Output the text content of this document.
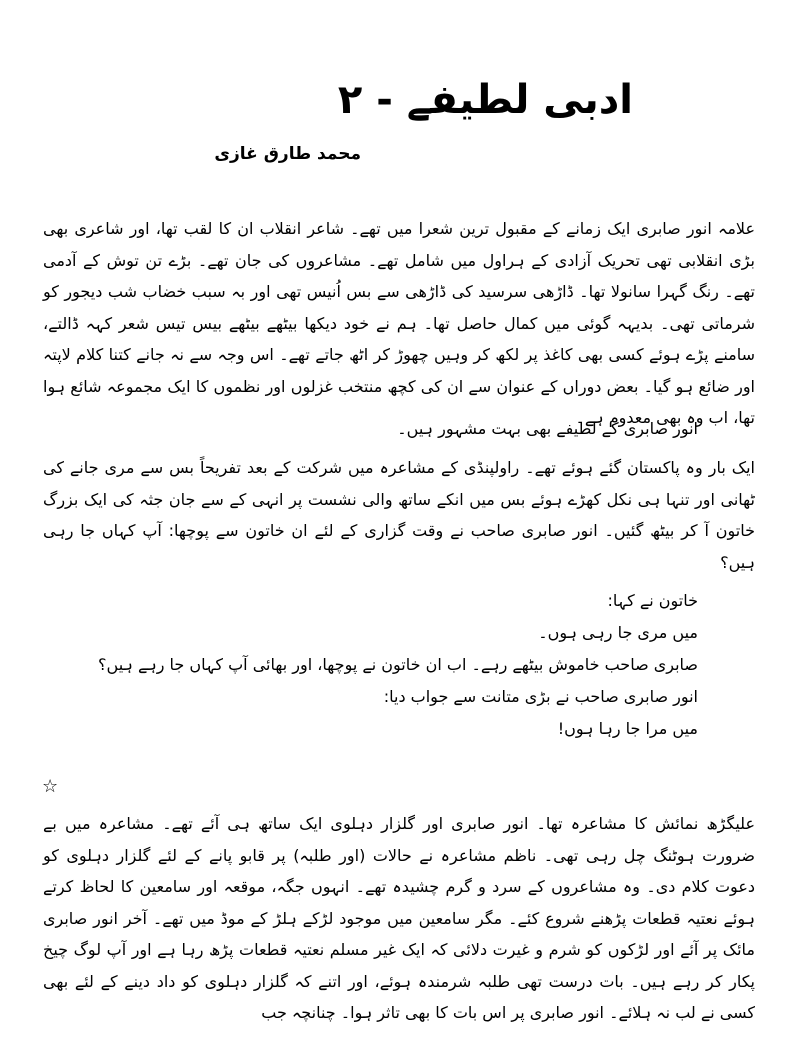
ادبی لطیفے - ۲
محمد طارق غازی

علامہ انور صابری ایک زمانے کے مقبول ترین شعرا میں تھے۔ شاعر انقلاب ان کا لقب تھا، اور شاعری بھی بڑی انقلابی تھی تحریک آزادی کے ہراول میں شامل تھے۔ مشاعروں کی جان تھے۔ بڑے تن توش کے آدمی تھے۔ رنگ گہرا سانولا تھا۔ ڈاڑھی سرسید کی ڈاڑھی سے بس اُنیس تھی اور بہ سبب خضاب شب دیجور کو شرماتی تھی۔ بدیہہ گوئی میں کمال حاصل تھا۔ ہم نے خود دیکھا بیٹھے بیٹھے بیس تیس شعر کہہ ڈالتے، سامنے پڑے ہوئے کسی بھی کاغذ پر لکھ کر وہیں چھوڑ کر اٹھ جاتے تھے۔ اس وجہ سے نہ جانے کتنا کلام لاپتہ اور ضائع ہو گیا۔ بعض دوراں کے عنوان سے ان کی کچھ منتخب غزلوں اور نظموں کا ایک مجموعہ شائع ہوا تھا، اب وہ بھی معدوم ہے۔

انور صابری کے لطیفے بھی بہت مشہور ہیں۔

ایک بار وہ پاکستان گئے ہوئے تھے۔ راولپنڈی کے مشاعرہ میں شرکت کے بعد تفریحاً بس سے مری جانے کی ٹھانی اور تنہا ہی نکل کھڑے ہوئے بس میں انکے ساتھ والی نشست پر انہی کے سے جان جثہ کی ایک بزرگ خاتون آ کر بیٹھ گئیں۔ انور صابری صاحب نے وقت گزاری کے لئے ان خاتون سے پوچھا: آپ کہاں جا رہی ہیں؟

خاتون نے کہا:
میں مری جا رہی ہوں۔
صابری صاحب خاموش بیٹھے رہے۔ اب ان خاتون نے پوچھا، اور بھائی آپ کہاں جا رہے ہیں؟
انور صابری صاحب نے بڑی متانت سے جواب دیا:
میں مرا جا رہا ہوں!
☆

علیگڑھ نمائش کا مشاعرہ تھا۔ انور صابری اور گلزار دہلوی ایک ساتھ ہی آئے تھے۔ مشاعرہ میں بے ضرورت ہوٹنگ چل رہی تھی۔ ناظم مشاعرہ نے حالات (اور طلبہ) پر قابو پانے کے لئے گلزار دہلوی کو دعوت کلام دی۔ وہ مشاعروں کے سرد و گرم چشیدہ تھے۔ انہوں جگہ، موقعہ اور سامعین کا لحاظ کرتے ہوئے نعتیہ قطعات پڑھنے شروع کئے۔ مگر سامعین میں موجود لڑکے ہلڑ کے موڈ میں تھے۔ آخر انور صابری مائک پر آئے اور لڑکوں کو شرم و غیرت دلائی کہ ایک غیر مسلم نعتیہ قطعات پڑھ رہا ہے اور آپ لوگ چیخ پکار کر رہے ہیں۔ بات درست تھی طلبہ شرمندہ ہوئے، اور اتنے کہ گلزار دہلوی کو داد دینے کے لئے بھی کسی نے لب نہ ہلائے۔ انور صابری پر اس بات کا بھی تاثر ہوا۔ چنانچہ جب
